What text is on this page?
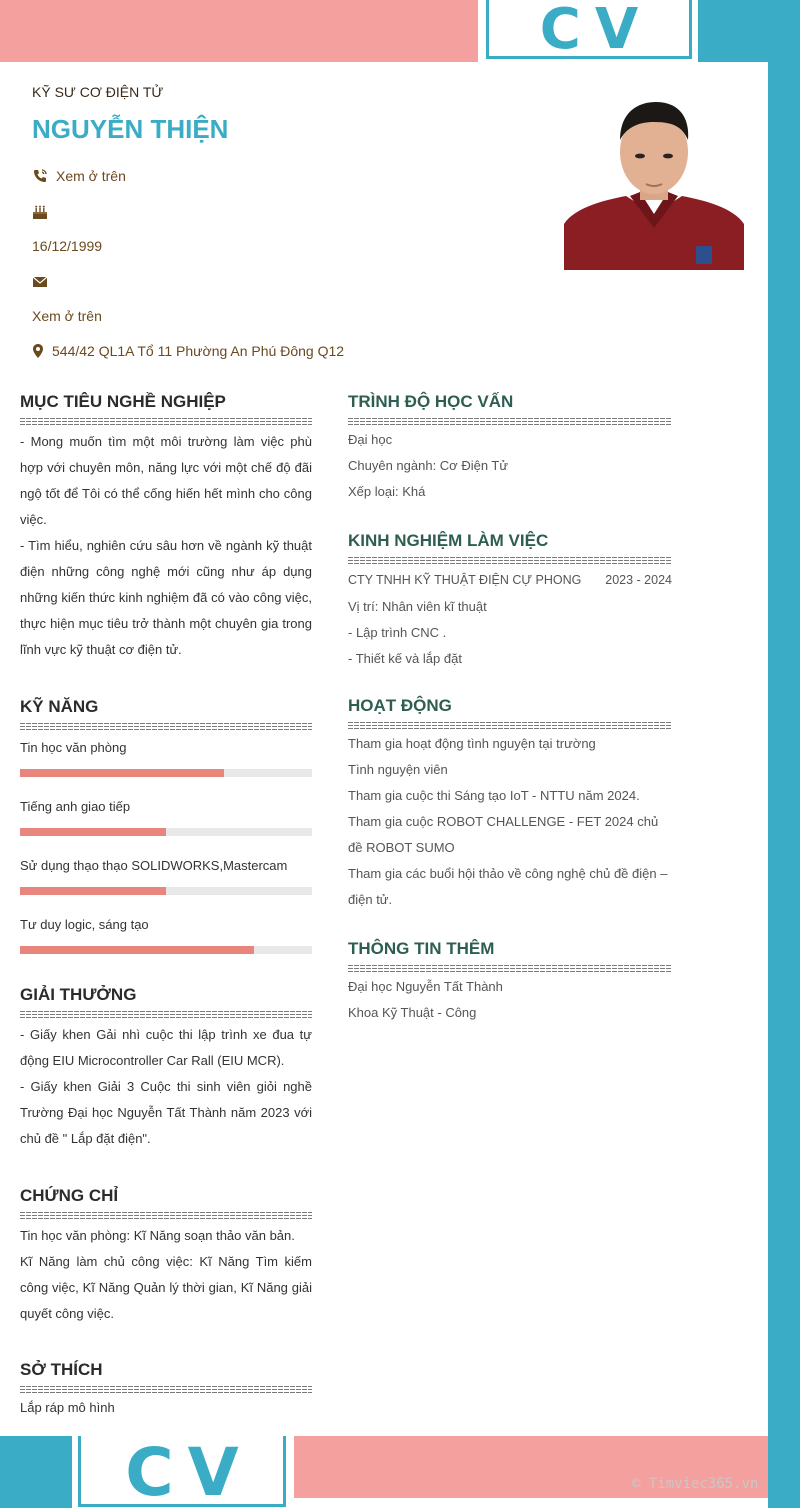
CV
CV	© Timviec365.vn
KỸ SƯ CƠ ĐIỆN TỬ
NGUYỄN THIỆN
Xem ở trên
16/12/1999
Xem ở trên
544/42 QL1A Tổ 11 Phường An Phú Đông Q12
MỤC TIÊU NGHỀ NGHIỆP
- Mong muốn tìm một môi trường làm việc phù hợp với chuyên môn, năng lực với một chế độ đãi ngộ tốt để Tôi có thể cống hiến hết mình cho công việc.
- Tìm hiểu, nghiên cứu sâu hơn về ngành kỹ thuật điện những công nghệ mới cũng như áp dụng những kiến thức kinh nghiệm đã có vào công việc, thực hiện mục tiêu trở thành một chuyên gia trong lĩnh vực kỹ thuật cơ điện tử.
KỸ NĂNG
Tin học văn phòng
Tiếng anh giao tiếp
Sử dụng thạo thạo SOLIDWORKS,Mastercam
Tư duy logic, sáng tạo
GIẢI THƯỞNG
- Giấy khen Gải nhì cuộc thi lập trình xe đua tự động EIU Microcontroller Car Rall (EIU MCR).
- Giấy khen Giải 3 Cuộc thi sinh viên giỏi nghề Trường Đại học Nguyễn Tất Thành năm 2023 với chủ đề " Lắp đặt điện".
CHỨNG CHỈ
Tin học văn phòng: Kĩ Năng soạn thảo văn bản.
Kĩ Năng làm chủ công việc: Kĩ Năng Tìm kiếm công việc, Kĩ Năng Quản lý thời gian, Kĩ Năng giải quyết công việc.
SỞ THÍCH
Lắp ráp mô hình
TRÌNH ĐỘ HỌC VẤN
Đại học
Chuyên ngành: Cơ Điện Tử
Xếp loại: Khá
KINH NGHIỆM LÀM VIỆC
CTY TNHH KỸ THUẬT ĐIỆN CỰ PHONG 2023 - 2024
Vị trí: Nhân viên kĩ thuật
- Lập trình CNC .
- Thiết kế và lắp đặt
HOẠT ĐỘNG
Tham gia hoạt động tình nguyện tại trường
Tình nguyện viên
Tham gia cuộc thi Sáng tạo IoT - NTTU năm 2024.
Tham gia cuộc ROBOT CHALLENGE - FET 2024 chủ đề ROBOT SUMO
Tham gia các buổi hội thảo về công nghệ chủ đề điện – điện tử.
THÔNG TIN THÊM
Đại học Nguyễn Tất Thành
Khoa Kỹ Thuật - Công
